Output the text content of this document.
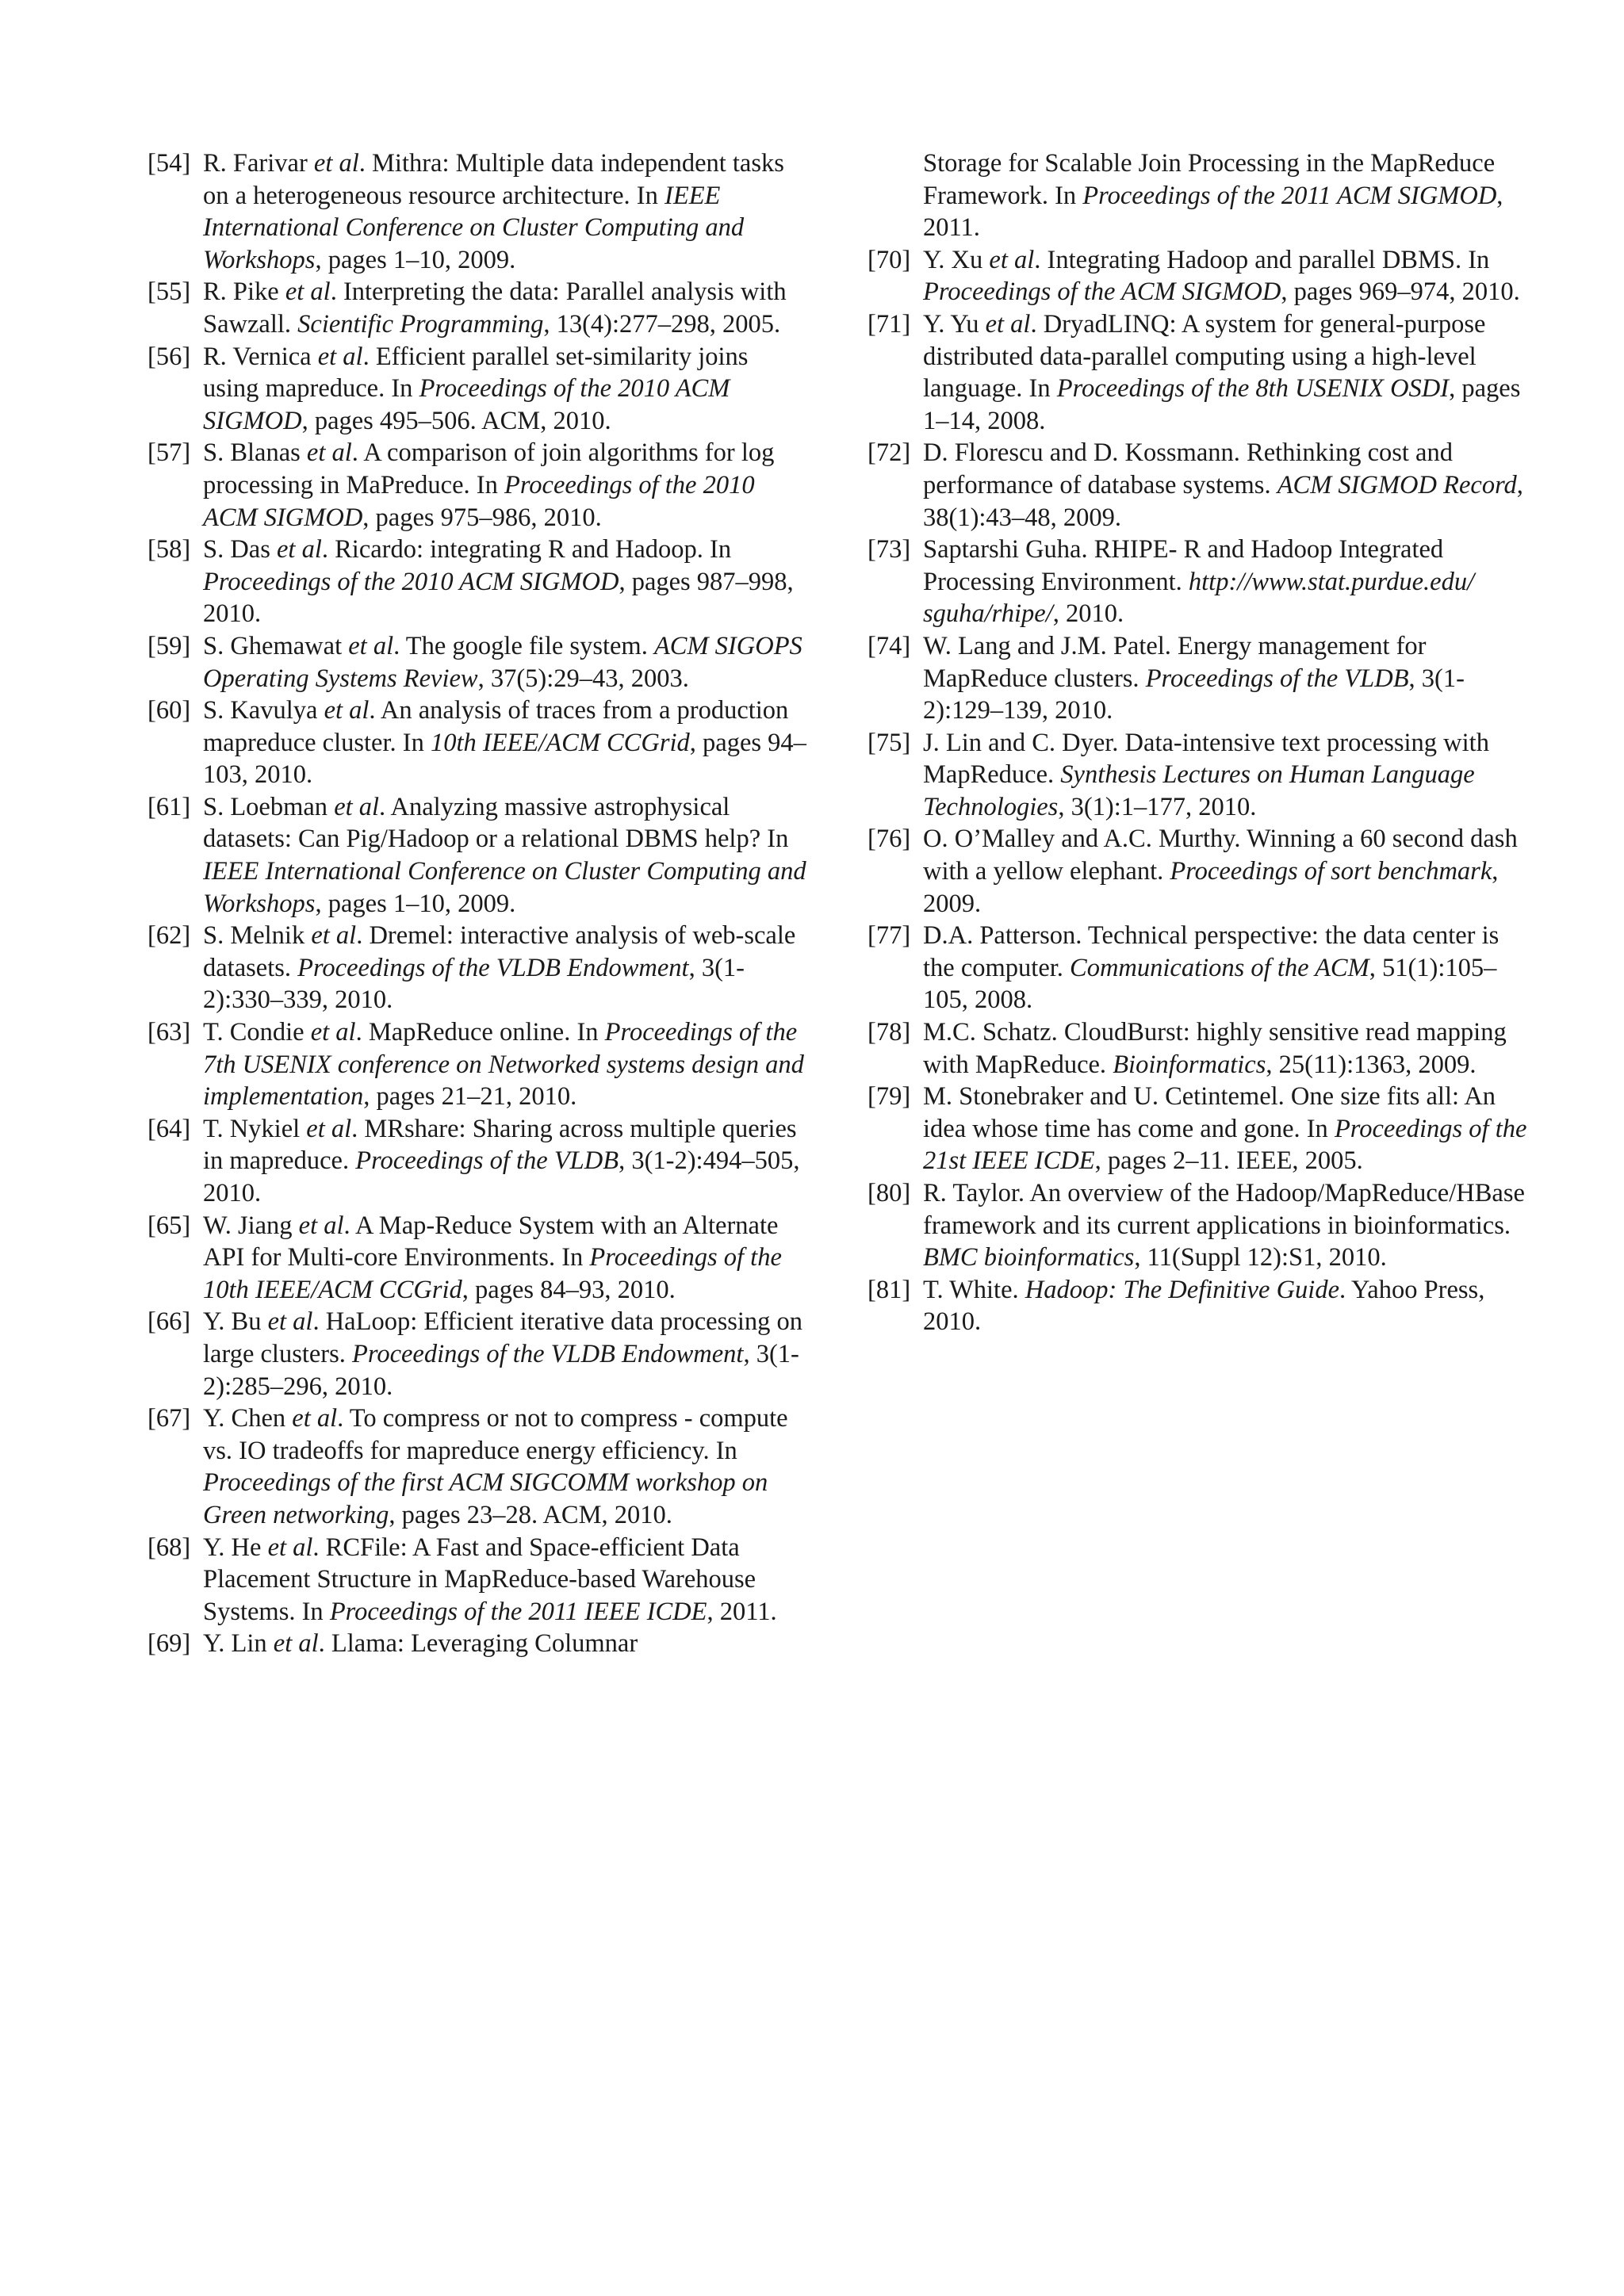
[54] R. Farivar et al. Mithra: Multiple data independent tasks on a heterogeneous resource architecture. In IEEE International Conference on Cluster Computing and Workshops, pages 1–10, 2009.
[55] R. Pike et al. Interpreting the data: Parallel analysis with Sawzall. Scientific Programming, 13(4):277–298, 2005.
[56] R. Vernica et al. Efficient parallel set-similarity joins using mapreduce. In Proceedings of the 2010 ACM SIGMOD, pages 495–506. ACM, 2010.
[57] S. Blanas et al. A comparison of join algorithms for log processing in MaPreduce. In Proceedings of the 2010 ACM SIGMOD, pages 975–986, 2010.
[58] S. Das et al. Ricardo: integrating R and Hadoop. In Proceedings of the 2010 ACM SIGMOD, pages 987–998, 2010.
[59] S. Ghemawat et al. The google file system. ACM SIGOPS Operating Systems Review, 37(5):29–43, 2003.
[60] S. Kavulya et al. An analysis of traces from a production mapreduce cluster. In 10th IEEE/ACM CCGrid, pages 94–103, 2010.
[61] S. Loebman et al. Analyzing massive astrophysical datasets: Can Pig/Hadoop or a relational DBMS help? In IEEE International Conference on Cluster Computing and Workshops, pages 1–10, 2009.
[62] S. Melnik et al. Dremel: interactive analysis of web-scale datasets. Proceedings of the VLDB Endowment, 3(1-2):330–339, 2010.
[63] T. Condie et al. MapReduce online. In Proceedings of the 7th USENIX conference on Networked systems design and implementation, pages 21–21, 2010.
[64] T. Nykiel et al. MRshare: Sharing across multiple queries in mapreduce. Proceedings of the VLDB, 3(1-2):494–505, 2010.
[65] W. Jiang et al. A Map-Reduce System with an Alternate API for Multi-core Environments. In Proceedings of the 10th IEEE/ACM CCGrid, pages 84–93, 2010.
[66] Y. Bu et al. HaLoop: Efficient iterative data processing on large clusters. Proceedings of the VLDB Endowment, 3(1-2):285–296, 2010.
[67] Y. Chen et al. To compress or not to compress - compute vs. IO tradeoffs for mapreduce energy efficiency. In Proceedings of the first ACM SIGCOMM workshop on Green networking, pages 23–28. ACM, 2010.
[68] Y. He et al. RCFile: A Fast and Space-efficient Data Placement Structure in MapReduce-based Warehouse Systems. In Proceedings of the 2011 IEEE ICDE, 2011.
[69] Y. Lin et al. Llama: Leveraging Columnar
Storage for Scalable Join Processing in the MapReduce Framework. In Proceedings of the 2011 ACM SIGMOD, 2011.
[70] Y. Xu et al. Integrating Hadoop and parallel DBMS. In Proceedings of the ACM SIGMOD, pages 969–974, 2010.
[71] Y. Yu et al. DryadLINQ: A system for general-purpose distributed data-parallel computing using a high-level language. In Proceedings of the 8th USENIX OSDI, pages 1–14, 2008.
[72] D. Florescu and D. Kossmann. Rethinking cost and performance of database systems. ACM SIGMOD Record, 38(1):43–48, 2009.
[73] Saptarshi Guha. RHIPE- R and Hadoop Integrated Processing Environment. http://www.stat.purdue.edu/ sguha/rhipe/, 2010.
[74] W. Lang and J.M. Patel. Energy management for MapReduce clusters. Proceedings of the VLDB, 3(1-2):129–139, 2010.
[75] J. Lin and C. Dyer. Data-intensive text processing with MapReduce. Synthesis Lectures on Human Language Technologies, 3(1):1–177, 2010.
[76] O. O’Malley and A.C. Murthy. Winning a 60 second dash with a yellow elephant. Proceedings of sort benchmark, 2009.
[77] D.A. Patterson. Technical perspective: the data center is the computer. Communications of the ACM, 51(1):105–105, 2008.
[78] M.C. Schatz. CloudBurst: highly sensitive read mapping with MapReduce. Bioinformatics, 25(11):1363, 2009.
[79] M. Stonebraker and U. Cetintemel. One size fits all: An idea whose time has come and gone. In Proceedings of the 21st IEEE ICDE, pages 2–11. IEEE, 2005.
[80] R. Taylor. An overview of the Hadoop/MapReduce/HBase framework and its current applications in bioinformatics. BMC bioinformatics, 11(Suppl 12):S1, 2010.
[81] T. White. Hadoop: The Definitive Guide. Yahoo Press, 2010.
